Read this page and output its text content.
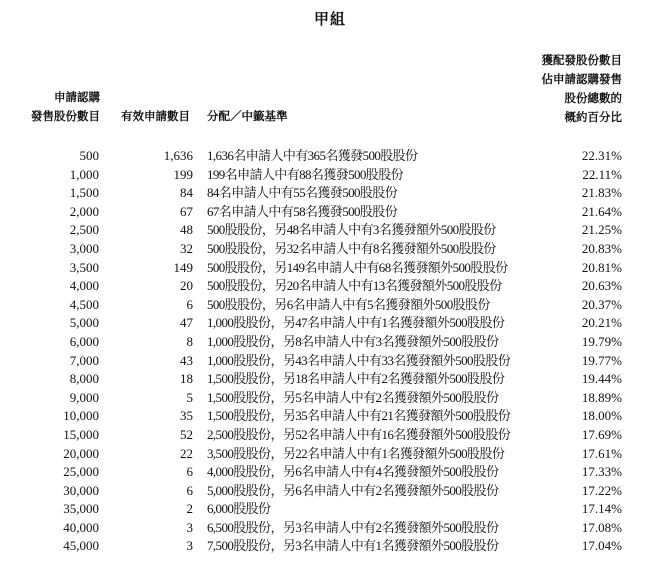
甲組
申請認購
發售股份數目 有效申請數目 分配／中籤基準
獲配發股份數目
佔申請認購發售
股份總數的
概約百分比
500	1,636 1,636名申請人中有365名獲發500股股份	22.31%
1,000	199 199名申請人中有88名獲發500股股份	22.11%
1,500	84 84名申請人中有55名獲發500股股份	21.83%
2,000	67 67名申請人中有58名獲發500股股份	21.64%
2,500	48 500股股份，另48名申請人中有3名獲發額外500股股份	21.25%
3,000	32 500股股份，另32名申請人中有8名獲發額外500股股份	20.83%
3,500	149 500股股份，另149名申請人中有68名獲發額外500股股份	20.81%
4,000	20 500股股份，另20名申請人中有13名獲發額外500股股份	20.63%
4,500	6 500股股份，另6名申請人中有5名獲發額外500股股份	20.37%
5,000	47 1,000股股份，另47名申請人中有1名獲發額外500股股份	20.21%
6,000	8 1,000股股份，另8名申請人中有3名獲發額外500股股份	19.79%
7,000	43 1,000股股份，另43名申請人中有33名獲發額外500股股份	19.77%
8,000	18 1,500股股份，另18名申請人中有2名獲發額外500股股份	19.44%
9,000	5 1,500股股份，另5名申請人中有2名獲發額外500股股份	18.89%
10,000	35 1,500股股份，另35名申請人中有21名獲發額外500股股份	18.00%
15,000	52 2,500股股份，另52名申請人中有16名獲發額外500股股份	17.69%
20,000	22 3,500股股份，另22名申請人中有1名獲發額外500股股份	17.61%
25,000	6 4,000股股份，另6名申請人中有4名獲發額外500股股份	17.33%
30,000	6 5,000股股份，另6名申請人中有2名獲發額外500股股份	17.22%
35,000	2 6,000股股份	17.14%
40,000	3 6,500股股份，另3名申請人中有2名獲發額外500股股份	17.08%
45,000	3 7,500股股份，另3名申請人中有1名獲發額外500股股份	17.04%
